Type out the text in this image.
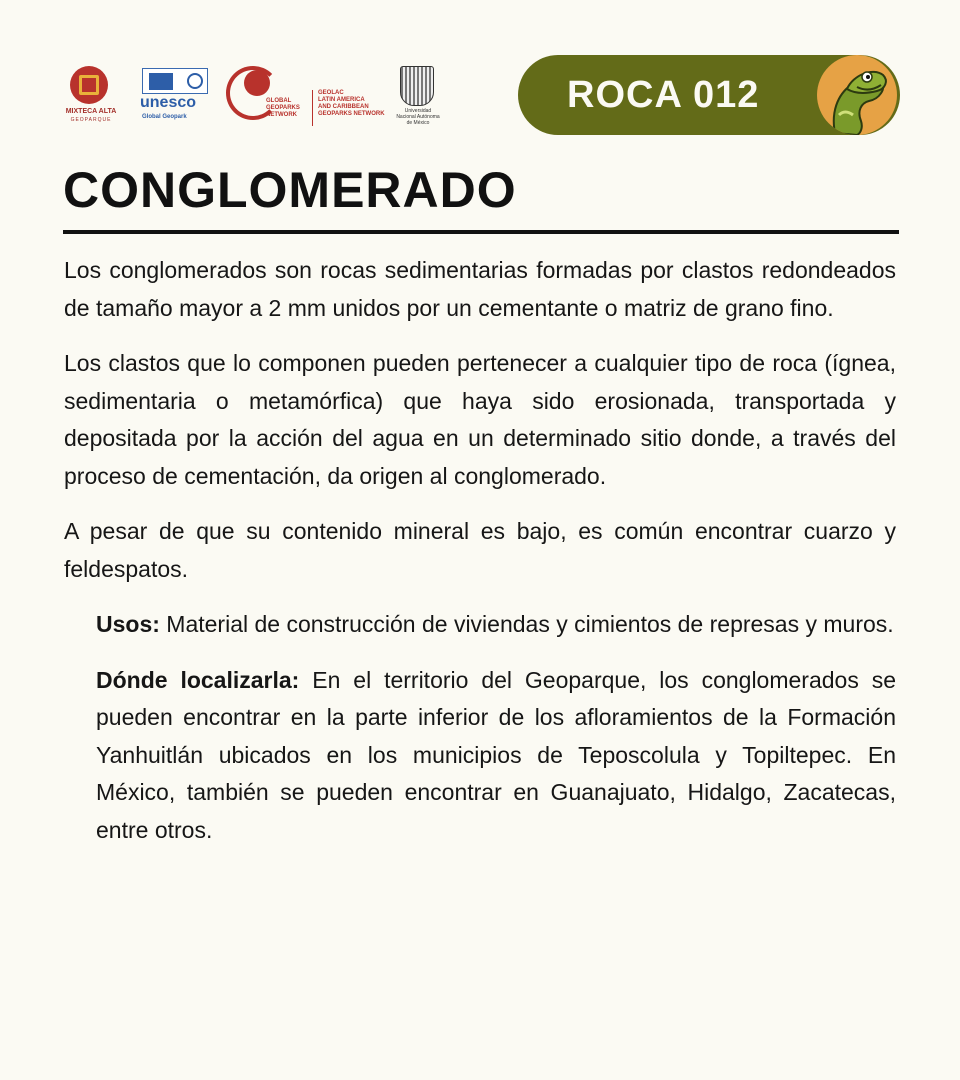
MIXTECA ALTA
GEOPARQUE
unesco
Global Geopark
GLOBAL GEOPARKS NETWORK
GEOLAC
LATIN AMERICA
AND CARIBBEAN
GEOPARKS NETWORK	Universidad Nacional Autónoma de México
ROCA 012
CONGLOMERADO

Los conglomerados son rocas sedimentarias formadas por clastos redondeados de tamaño mayor a 2 mm unidos por un cementante o matriz de grano fino.

Los clastos que lo componen pueden pertenecer a cualquier tipo de roca (ígnea, sedimentaria o metamórfica) que haya sido erosionada, transportada y depositada por la acción del agua en un determinado sitio donde, a través del proceso de cementación, da origen al conglomerado.

A pesar de que su contenido mineral es bajo, es común encontrar cuarzo y feldespatos.

Usos: Material de construcción de viviendas y cimientos de represas y muros.

Dónde localizarla: En el territorio del Geoparque, los conglomerados se pueden encontrar en la parte inferior de los afloramientos de la Formación Yanhuitlán ubicados en los municipios de Teposcolula y Topiltepec. En México, también se pueden encontrar en Guanajuato, Hidalgo, Zacatecas, entre otros.
